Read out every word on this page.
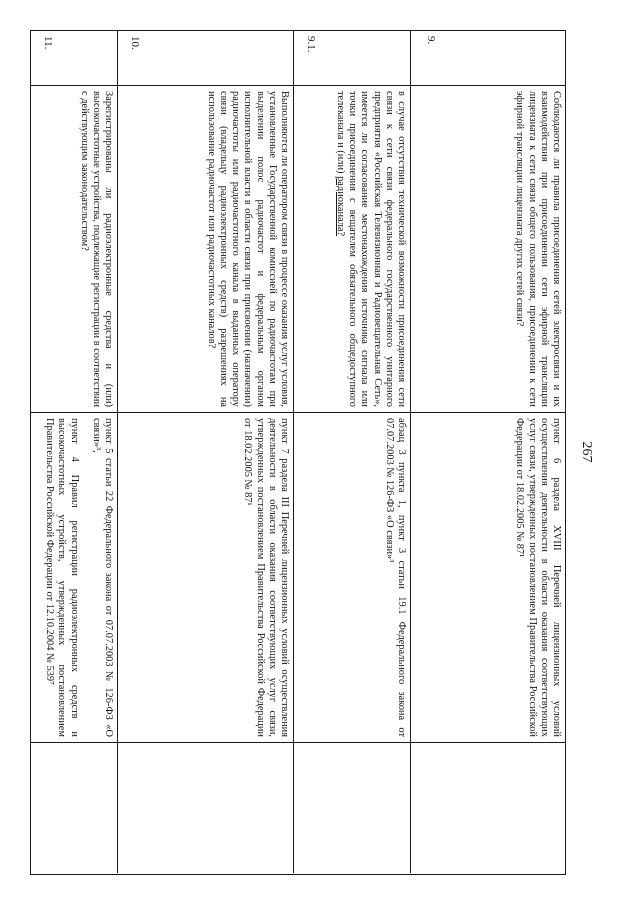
267
9.
9.1.
10.
11.
Соблюдаются ли правила присоединения сетей электросвязи и их взаимодействия при присоединении сети эфирной трансляции лицензиата к сети связи общего пользования, присоединении к сети эфирной трансляции лицензиата других сетей связи?
в случае отсутствия технической возможности присоединения сети связи к сети связи федерального государственного унитарного предприятия «Российская Телевизионная и Радиовещательная Сеть», имеется ли согласование местонахождения источника сигнала или точки присоединения с вещателем обязательного общедоступного телеканала и (или) радиоканала?
Выполняются ли оператором связи в процессе оказания услуг условия, установленные Государственной комиссией по радиочастотам при выделении полос радиочастот и федеральным органом исполнительной власти в области связи при присвоении (назначении) радиочастоты или радиочастотного канала в выданных оператору связи (владельцу радиоэлектронных средств) разрешениях на использование радиочастот или радиочастотных каналов?
Зарегистрированы ли радиоэлектронные средства и (или) высокочастотные устройства, подлежащие регистрации в соответствии с действующим законодательством?

пункт 6 раздела XVIII Перечней лицензионных условий осуществления деятельности в области оказания соответствующих услуг связи, утвержденных постановлением Правительства Российской Федерации от 18.02.2005 № 87¹

абзац 3 пункта 1, пункт 3 статьи 19.1 Федерального закона от 07.07.2003 № 126-ФЗ «О связи»³

пункт 7 раздела III Перечней лицензионных условий осуществления деятельности в области оказания соответствующих услуг связи, утвержденных постановлением Правительства Российской Федерации от 18.02.2005 № 87¹

пункт 5 статьи 22 Федерального закона от 07.07.2003 № 126-ФЗ «О связи»³,

пункт 4 Правил регистрации радиоэлектронных средств и высокочастотных устройств, утвержденных постановлением Правительства Российской Федерации от 12.10.2004 № 539⁷
